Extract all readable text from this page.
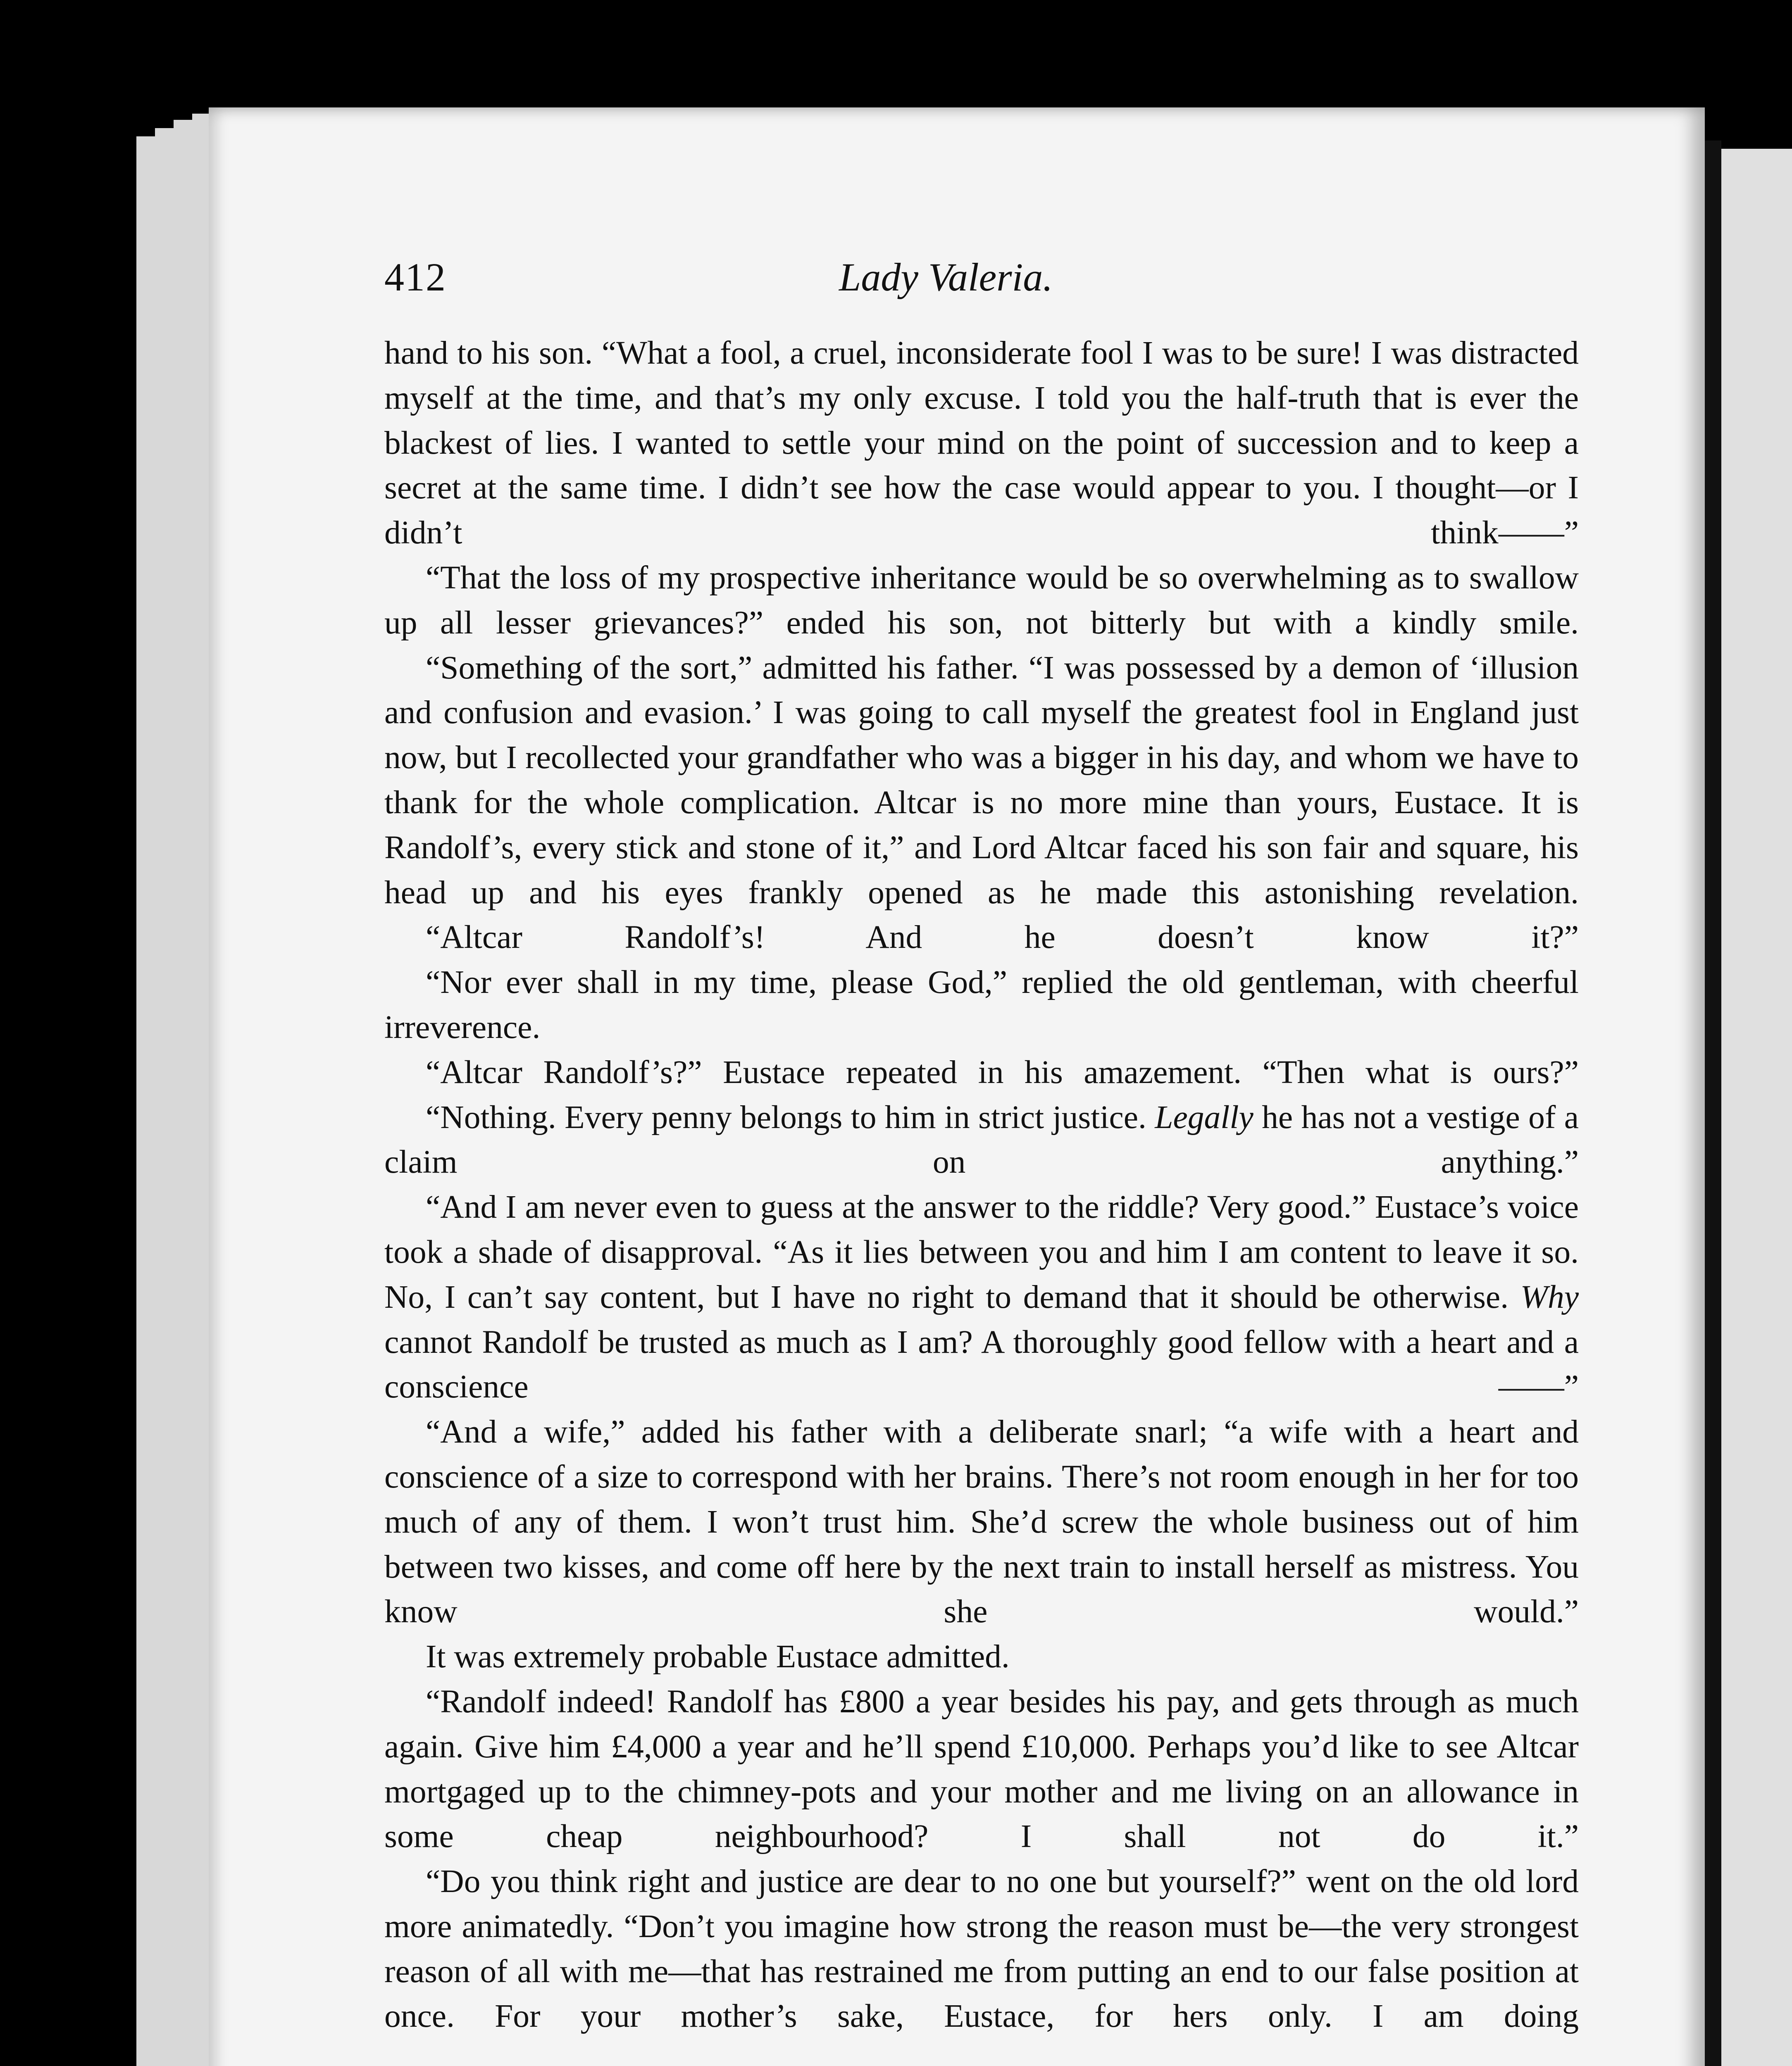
412	Lady Valeria.

hand to his son. “What a fool, a cruel, inconsiderate fool I was to be sure! I was distracted myself at the time, and that’s my only excuse. I told you the half-truth that is ever the blackest of lies. I wanted to settle your mind on the point of succession and to keep a secret at the same time. I didn’t see how the case would appear to you. I thought—or I didn’t think——”

“That the loss of my prospective inheritance would be so overwhelming as to swallow up all lesser grievances?” ended his son, not bitterly but with a kindly smile.

“Something of the sort,” admitted his father. “I was possessed by a demon of ‘illusion and confusion and evasion.’ I was going to call myself the greatest fool in England just now, but I recollected your grandfather who was a bigger in his day, and whom we have to thank for the whole complication. Altcar is no more mine than yours, Eustace. It is Randolf’s, every stick and stone of it,” and Lord Altcar faced his son fair and square, his head up and his eyes frankly opened as he made this astonishing revelation.

“Altcar Randolf’s! And he doesn’t know it?”

“Nor ever shall in my time, please God,” replied the old gentleman, with cheerful irreverence.

“Altcar Randolf’s?” Eustace repeated in his amazement. “Then what is ours?”

“Nothing. Every penny belongs to him in strict justice. Legally he has not a vestige of a claim on anything.”

“And I am never even to guess at the answer to the riddle? Very good.” Eustace’s voice took a shade of disapproval. “As it lies between you and him I am content to leave it so. No, I can’t say content, but I have no right to demand that it should be otherwise. Why cannot Randolf be trusted as much as I am? A thoroughly good fellow with a heart and a conscience ——”

“And a wife,” added his father with a deliberate snarl; “a wife with a heart and conscience of a size to correspond with her brains. There’s not room enough in her for too much of any of them. I won’t trust him. She’d screw the whole business out of him between two kisses, and come off here by the next train to install herself as mistress. You know she would.”

It was extremely probable Eustace admitted.

“Randolf indeed! Randolf has £800 a year besides his pay, and gets through as much again. Give him £4,000 a year and he’ll spend £10,000. Perhaps you’d like to see Altcar mortgaged up to the chimney-pots and your mother and me living on an allowance in some cheap neighbourhood? I shall not do it.”

“Do you think right and justice are dear to no one but yourself?” went on the old lord more animatedly. “Don’t you imagine how strong the reason must be—the very strongest reason of all with me—that has restrained me from putting an end to our false position at once. For your mother’s sake, Eustace, for hers only. I am doing
